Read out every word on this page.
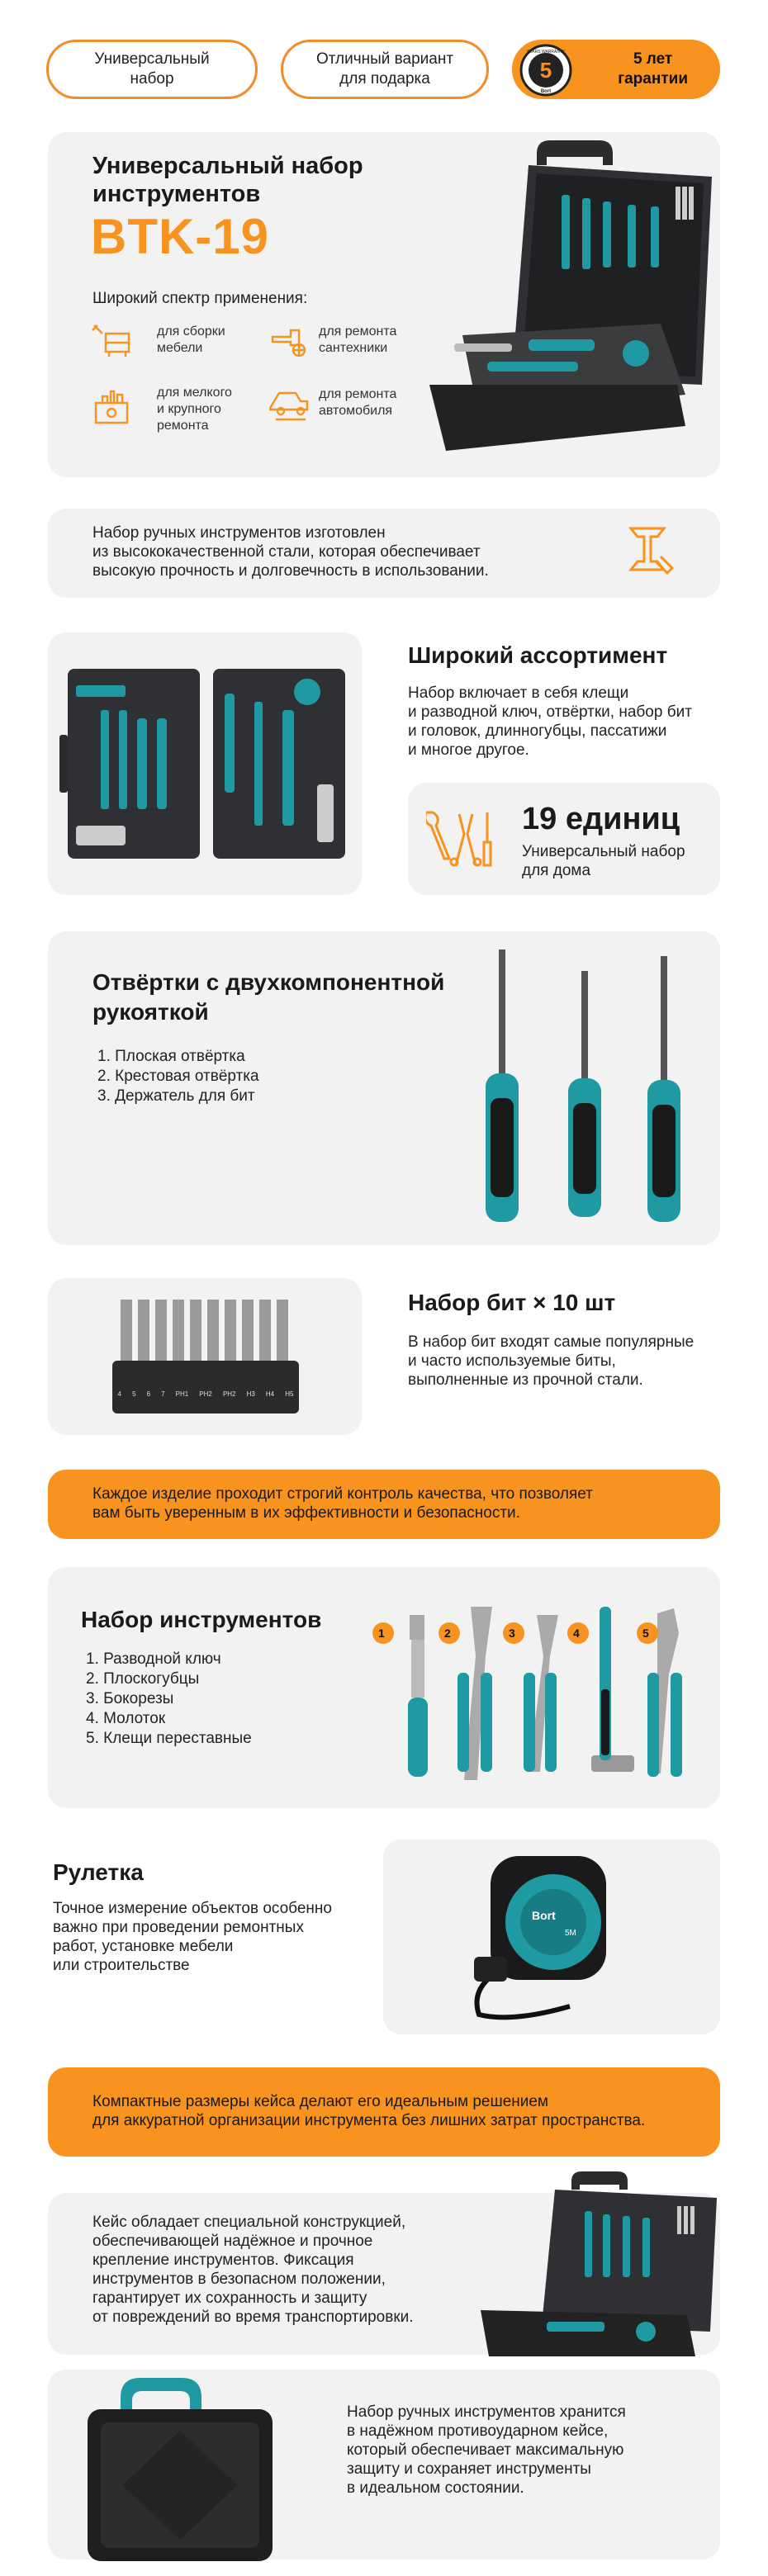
Универсальный
набор
Отличный вариант
для подарка
5 лет
гарантии
5
YEARS WARRANTY
Bort
Универсальный набор
инструментов
BTK-19
Широкий спектр применения:
для сборки
мебели
для ремонта
сантехники
для мелкого
и крупного
ремонта
для ремонта
автомобиля
Набор ручных инструментов изготовлен
из высококачественной стали, которая обеспечивает
высокую прочность и долговечность в использовании.
Широкий ассортимент
Набор включает в себя клещи
и разводной ключ, отвёртки, набор бит
и головок, длинногубцы, пассатижи
и многое другое.
19 единиц
Универсальный набор
для дома
Отвёртки с двухкомпонентной
рукояткой
1. Плоская отвёртка
2. Крестовая отвёртка
3. Держатель для бит
4 5 6 7 PH1 PH2 PH2 H3 H4 H5
Набор бит × 10 шт
В набор бит входят самые популярные
и часто используемые биты,
выполненные из прочной стали.
Каждое изделие проходит строгий контроль качества, что позволяет
вам быть уверенным в их эффективности и безопасности.
Набор инструментов
1. Разводной ключ
2. Плоскогубцы
3. Бокорезы
4. Молоток
5. Клещи переставные
1	2	3	4	5
Рулетка
Точное измерение объектов особенно
важно при проведении ремонтных
работ, установке мебели
или строительстве
Bort
5M
Компактные размеры кейса делают его идеальным решением
для аккуратной организации инструмента без лишних затрат пространства.
Кейс обладает специальной конструкцией,
обеспечивающей надёжное и прочное
крепление инструментов. Фиксация
инструментов в безопасном положении,
гарантирует их сохранность и защиту
от повреждений во время транспортировки.
Набор ручных инструментов хранится
в надёжном противоударном кейсе,
который обеспечивает максимальную
защиту и сохраняет инструменты
в идеальном состоянии.
